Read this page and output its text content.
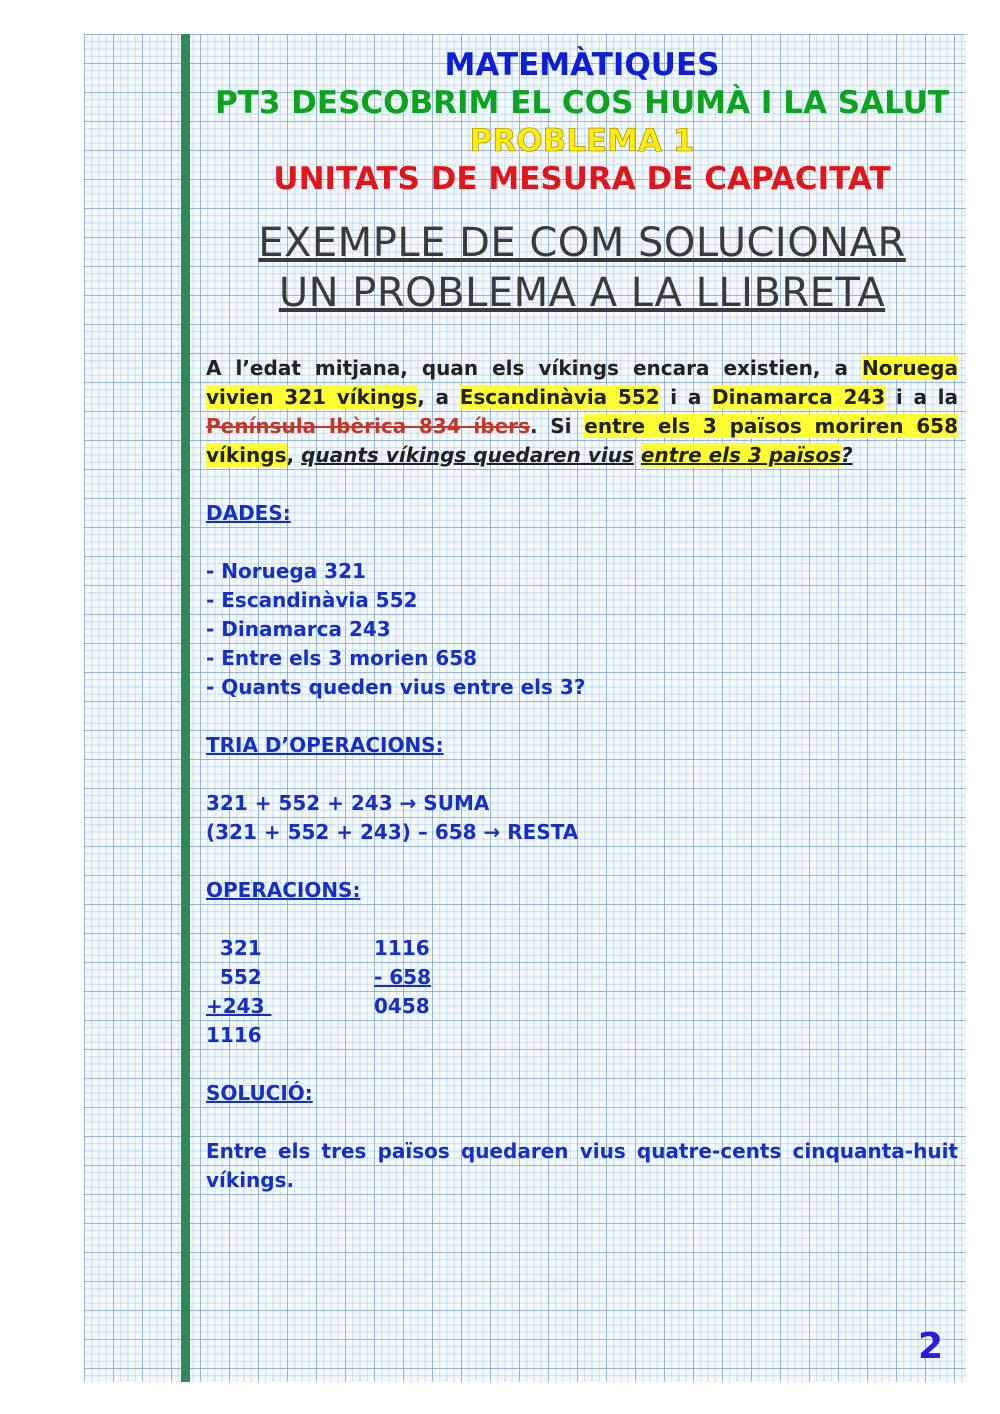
MATEMÀTIQUES

PT3 DESCOBRIM EL COS HUMÀ I LA SALUT

PROBLEMA 1

UNITATS DE MESURA DE CAPACITAT

EXEMPLE DE COM SOLUCIONAR
UN PROBLEMA A LA LLIBRETA
A l’edat mitjana, quan els víkings encara existien, a Noruega vivien 321 víkings, a Escandinàvia 552 i a Dinamarca 243 i a la Península Ibèrica 834 íbers. Si entre els 3 països moriren 658 víkings, quants víkings quedaren vius entre els 3 països?
DADES:
- Noruega 321
- Escandinàvia 552
- Dinamarca 243
- Entre els 3 morien 658
- Quants queden vius entre els 3?
TRIA D’OPERACIONS:
321 + 552 + 243 → SUMA
(321 + 552 + 243) – 658 → RESTA
OPERACIONS:
321
552
+243
1116
1116
- 658
0458
SOLUCIÓ:
Entre els tres països quedaren vius quatre-cents cinquanta-huit víkings.
2
